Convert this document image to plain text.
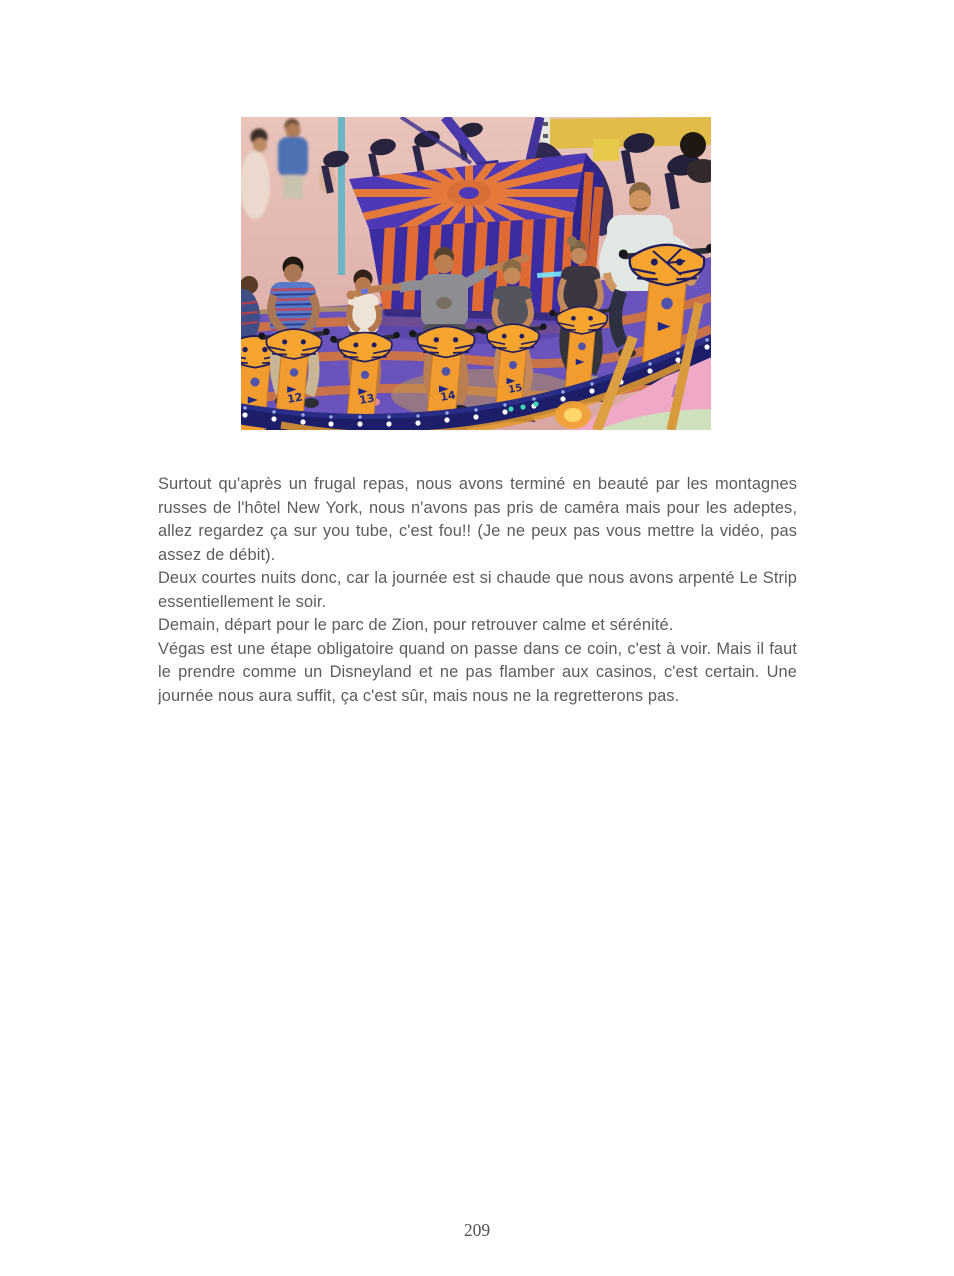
12	13	14	15
Surtout qu'après un frugal repas, nous avons terminé en beauté par les montagnes
russes de l'hôtel New York, nous n'avons pas pris de caméra mais pour les adeptes,
allez regardez ça sur you tube, c'est fou!! (Je ne peux pas vous mettre la vidéo, pas
assez de débit).
Deux courtes nuits donc, car la journée est si chaude que nous avons arpenté Le Strip
essentiellement le soir.
Demain, départ pour le parc de Zion, pour retrouver calme et sérénité.
Végas est une étape obligatoire quand on passe dans ce coin, c'est à voir. Mais il faut
le prendre comme un Disneyland et ne pas flamber aux casinos, c'est certain. Une
journée nous aura suffit, ça c'est sûr, mais nous ne la regretterons pas.
209
